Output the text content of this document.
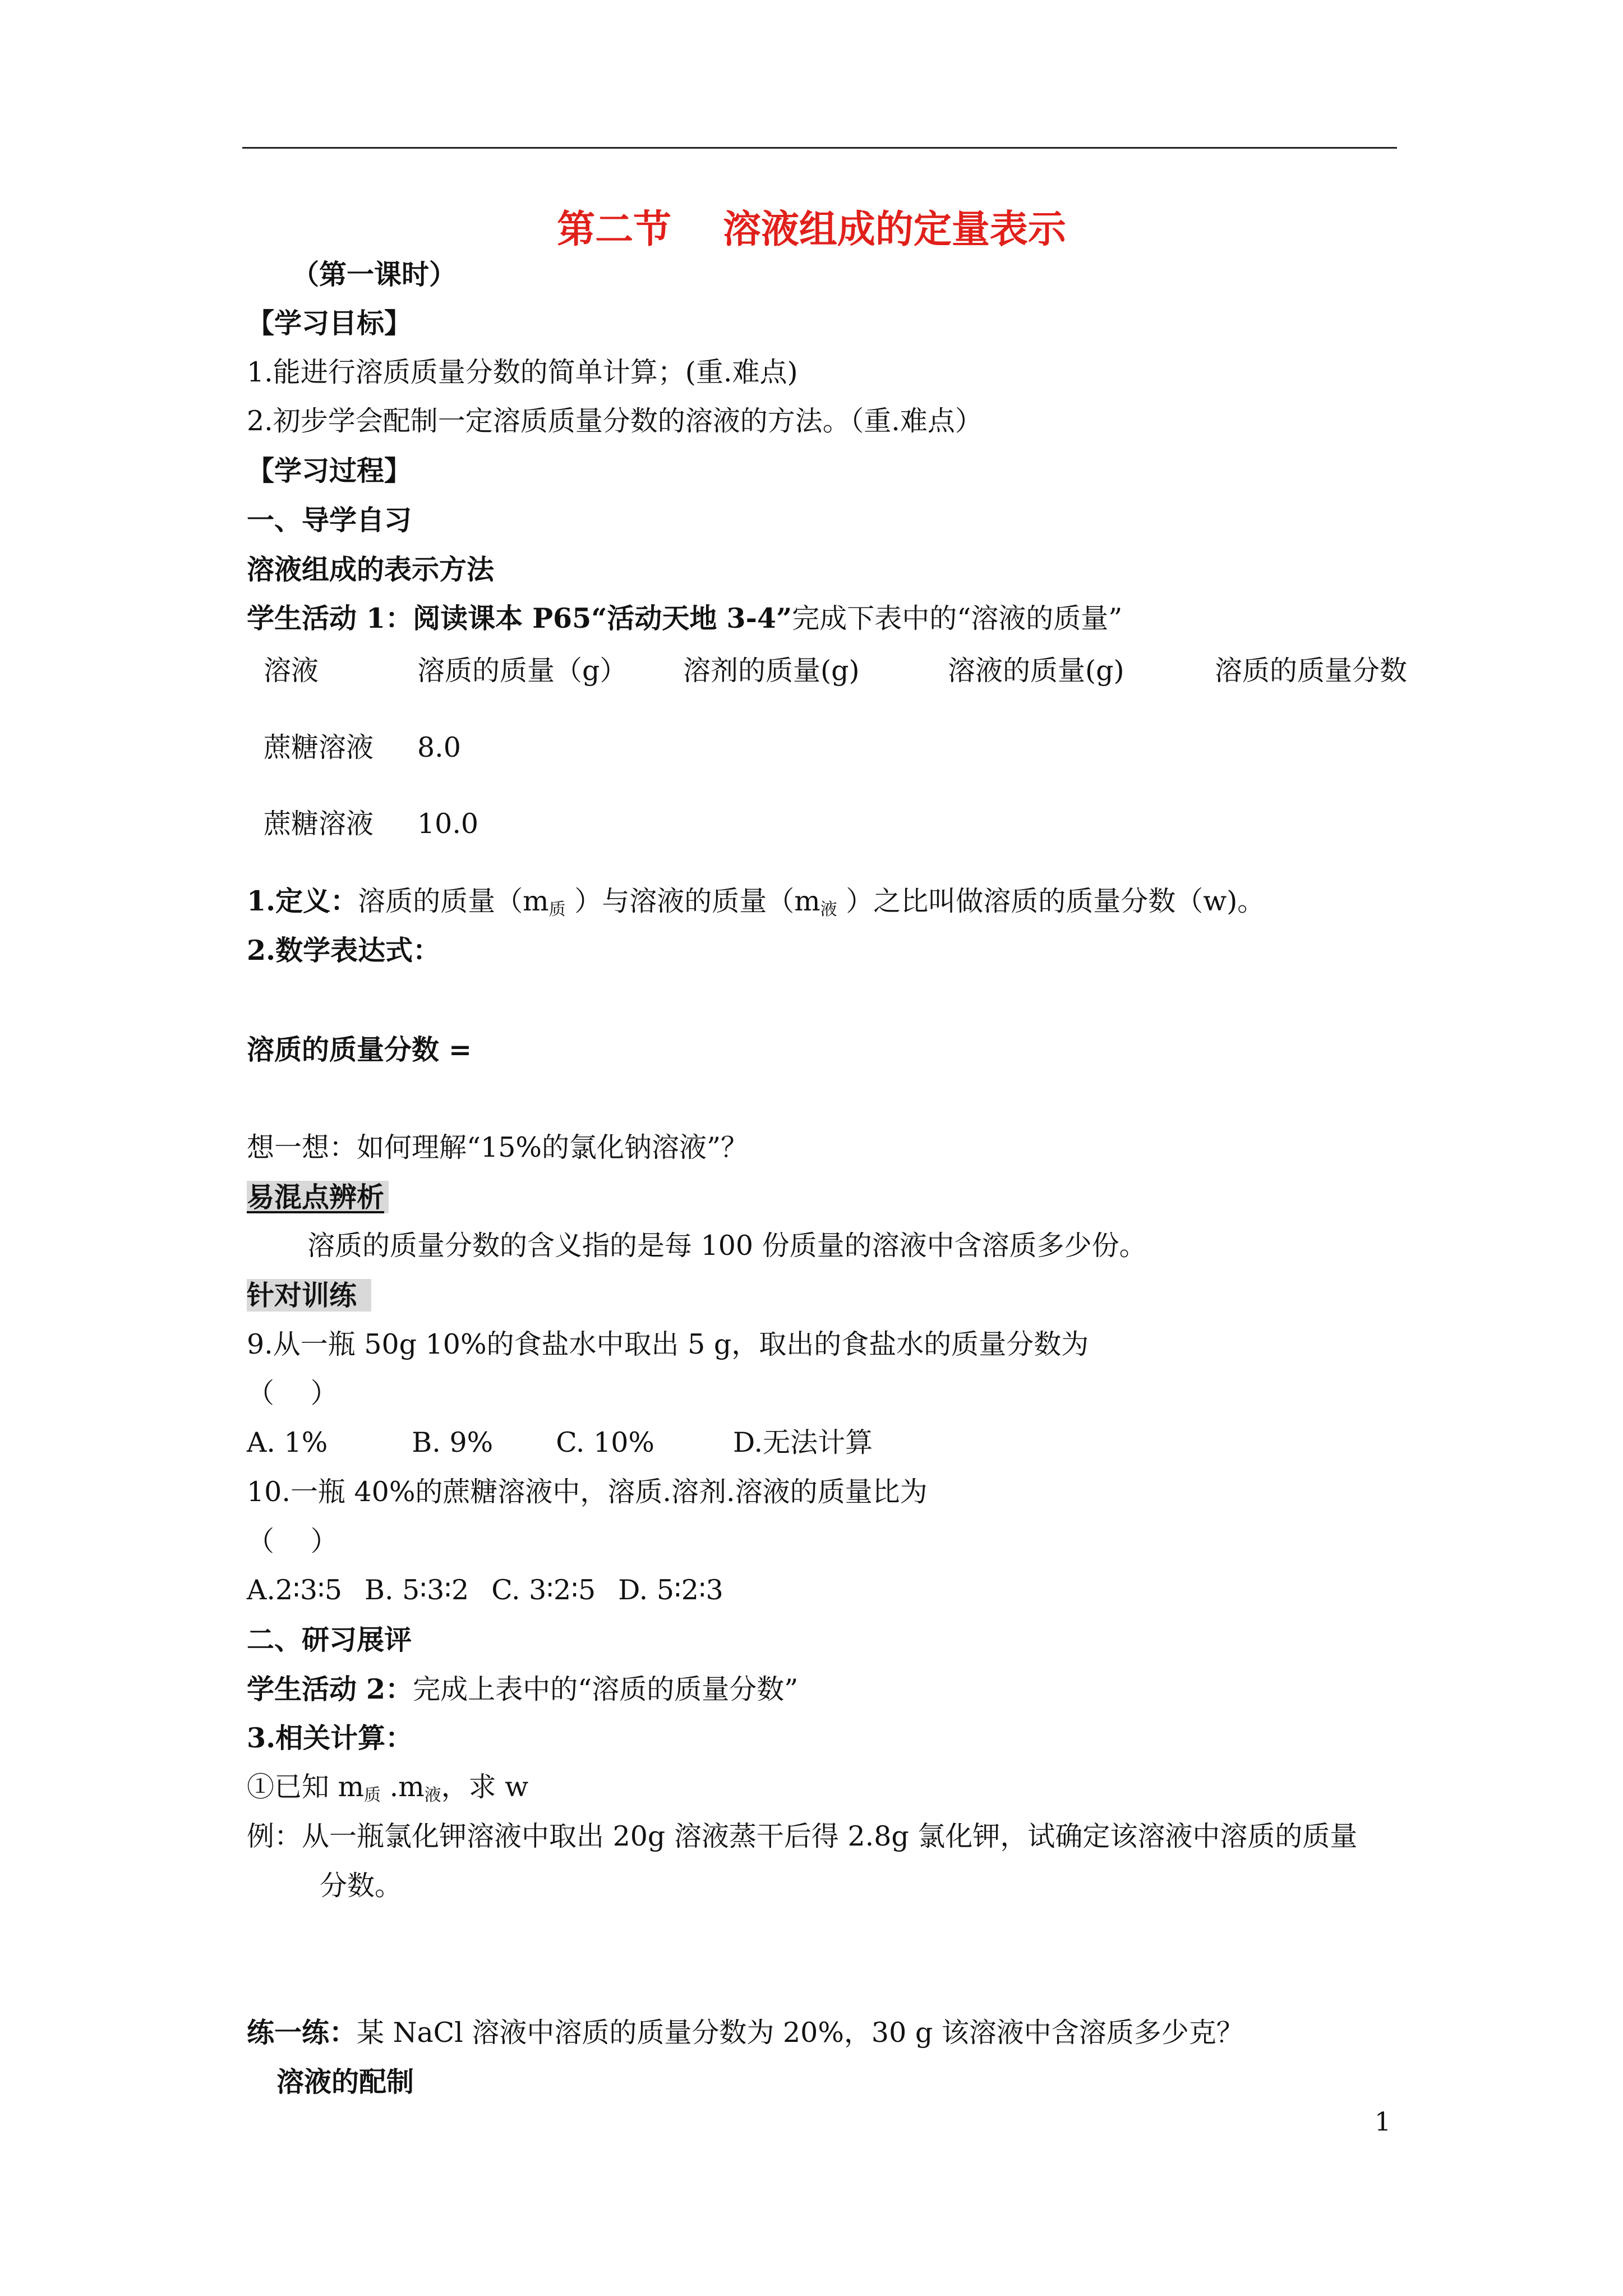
第二节　 溶液组成的定量表示
（第一课时）
【学习目标】
1.能进行溶质质量分数的简单计算；(重.难点)
2.初步学会配制一定溶质质量分数的溶液的方法。（重.难点）
【学习过程】
一、导学自习
溶液组成的表示方法
学生活动 1：阅读课本 P65“活动天地 3-4”完成下表中的“溶液的质量”
溶液	溶质的质量（g） 溶剂的质量(g)	溶液的质量(g)	溶质的质量分数
蔗糖溶液 8.0
蔗糖溶液 10.0
1.定义：溶质的质量（$m_质$ ）与溶液的质量（$m_液$ ）之比叫做溶质的质量分数（w)。
2.数学表达式：
溶质的质量分数 =
想一想：如何理解“15%的氯化钠溶液”？
易混点辨析
溶质的质量分数的含义指的是每 100 份质量的溶液中含溶质多少份。
针对训练
9.从一瓶 50g 10%的食盐水中取出 5 g，取出的食盐水的质量分数为
（　 ）
A. 1%	B. 9% C. 10%	D.无法计算
10.一瓶 40%的蔗糖溶液中，溶质.溶剂.溶液的质量比为
（　 ）
A.2∶3∶5 B. 5∶3∶2 C. 3∶2∶5 D. 5∶2∶3
二、研习展评
学生活动 2：完成上表中的“溶质的质量分数”
3.相关计算：
①已知 $m_质$ $.m_液$，求 w
例：从一瓶氯化钾溶液中取出 20g 溶液蒸干后得 2.8g 氯化钾，试确定该溶液中溶质的质量
分数。
练一练：某 NaCl 溶液中溶质的质量分数为 20%，30 g 该溶液中含溶质多少克？
溶液的配制
1
